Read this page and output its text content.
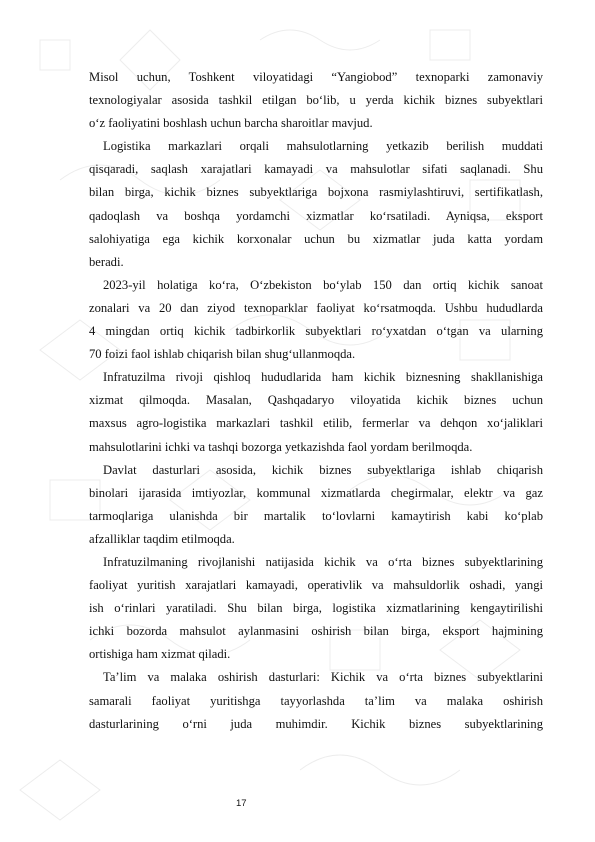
Misol uchun, Toshkent viloyatidagi “Yangiobod” texnoparki zamonaviy
texnologiyalar asosida tashkil etilgan bo‘lib, u yerda kichik biznes subyektlari
o‘z faoliyatini boshlash uchun barcha sharoitlar mavjud.

Logistika markazlari orqali mahsulotlarning yetkazib berilish muddati
qisqaradi, saqlash xarajatlari kamayadi va mahsulotlar sifati saqlanadi. Shu
bilan birga, kichik biznes subyektlariga bojxona rasmiylashtiruvi, sertifikatlash,
qadoqlash va boshqa yordamchi xizmatlar ko‘rsatiladi. Ayniqsa, eksport
salohiyatiga ega kichik korxonalar uchun bu xizmatlar juda katta yordam
beradi.

2023-yil holatiga ko‘ra, O‘zbekiston bo‘ylab 150 dan ortiq kichik sanoat
zonalari va 20 dan ziyod texnoparklar faoliyat ko‘rsatmoqda. Ushbu hududlarda
4 mingdan ortiq kichik tadbirkorlik subyektlari ro‘yxatdan o‘tgan va ularning
70 foizi faol ishlab chiqarish bilan shug‘ullanmoqda.

Infratuzilma rivoji qishloq hududlarida ham kichik biznesning shakllanishiga
xizmat qilmoqda. Masalan, Qashqadaryo viloyatida kichik biznes uchun
maxsus agro-logistika markazlari tashkil etilib, fermerlar va dehqon xo‘jaliklari
mahsulotlarini ichki va tashqi bozorga yetkazishda faol yordam berilmoqda.

Davlat dasturlari asosida, kichik biznes subyektlariga ishlab chiqarish
binolari ijarasida imtiyozlar, kommunal xizmatlarda chegirmalar, elektr va gaz
tarmoqlariga ulanishda bir martalik to‘lovlarni kamaytirish kabi ko‘plab
afzalliklar taqdim etilmoqda.

Infratuzilmaning rivojlanishi natijasida kichik va o‘rta biznes subyektlarining
faoliyat yuritish xarajatlari kamayadi, operativlik va mahsuldorlik oshadi, yangi
ish o‘rinlari yaratiladi. Shu bilan birga, logistika xizmatlarining kengaytirilishi
ichki bozorda mahsulot aylanmasini oshirish bilan birga, eksport hajmining
ortishiga ham xizmat qiladi.

Ta’lim va malaka oshirish dasturlari: Kichik va o‘rta biznes subyektlarini
samarali faoliyat yuritishga tayyorlashda ta’lim va malaka oshirish
dasturlarining o‘rni juda muhimdir. Kichik biznes subyektlarining

17
